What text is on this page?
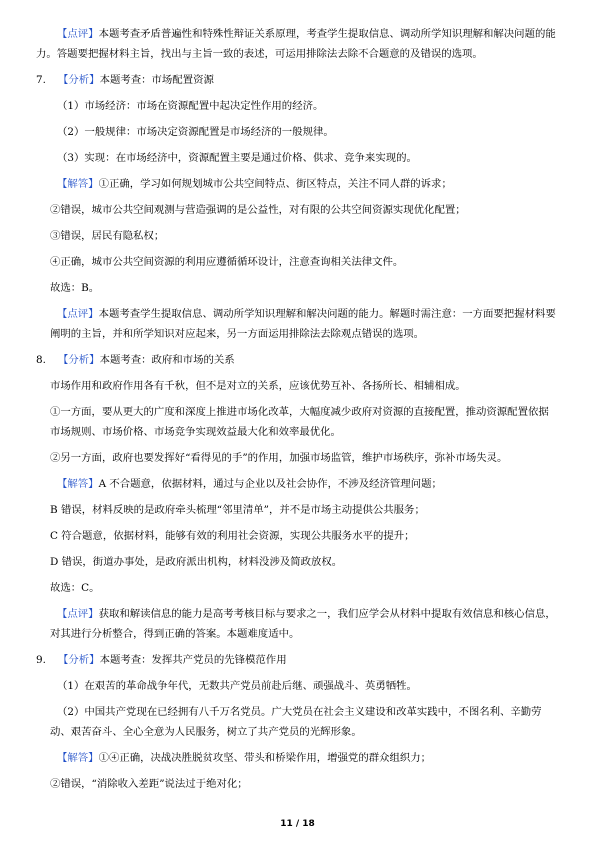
【点评】本题考查矛盾普遍性和特殊性辩证关系原理，考查学生提取信息、调动所学知识理解和解决问题的能
力。答题要把握材料主旨，找出与主旨一致的表述，可运用排除法去除不合题意的及错误的选项。
7. 【分析】本题考查：市场配置资源
（1）市场经济：市场在资源配置中起决定性作用的经济。
（2）一般规律：市场决定资源配置是市场经济的一般规律。
（3）实现：在市场经济中，资源配置主要是通过价格、供求、竞争来实现的。
【解答】①正确，学习如何规划城市公共空间特点、街区特点，关注不同人群的诉求；
②错误，城市公共空间观测与营造强调的是公益性，对有限的公共空间资源实现优化配置；
③错误，居民有隐私权；
④正确，城市公共空间资源的利用应遵循循环设计，注意查询相关法律文件。
故选：B。
【点评】本题考查学生提取信息、调动所学知识理解和解决问题的能力。解题时需注意：一方面要把握材料要
阐明的主旨，并和所学知识对应起来，另一方面运用排除法去除观点错误的选项。
8. 【分析】本题考查：政府和市场的关系
市场作用和政府作用各有千秋，但不是对立的关系，应该优势互补、各扬所长、相辅相成。
①一方面，要从更大的广度和深度上推进市场化改革，大幅度减少政府对资源的直接配置，推动资源配置依据
市场规则、市场价格、市场竞争实现效益最大化和效率最优化。
②另一方面，政府也要发挥好“看得见的手”的作用，加强市场监管，维护市场秩序，弥补市场失灵。
【解答】A 不合题意，依据材料，通过与企业以及社会协作，不涉及经济管理问题；
B 错误，材料反映的是政府牵头梳理“邻里清单”，并不是市场主动提供公共服务；
C 符合题意，依据材料，能够有效的利用社会资源，实现公共服务水平的提升；
D 错误，街道办事处，是政府派出机构，材料没涉及简政放权。
故选：C。
【点评】获取和解读信息的能力是高考考核目标与要求之一，我们应学会从材料中提取有效信息和核心信息，
对其进行分析整合，得到正确的答案。本题难度适中。
9. 【分析】本题考查：发挥共产党员的先锋模范作用
（1）在艰苦的革命战争年代，无数共产党员前赴后继、顽强战斗、英勇牺牲。
（2）中国共产党现在已经拥有八千万名党员。广大党员在社会主义建设和改革实践中，不图名利、辛勤劳
动、艰苦奋斗、全心全意为人民服务，树立了共产党员的光辉形象。
【解答】①④正确，决战决胜脱贫攻坚、带头和桥梁作用，增强党的群众组织力；
②错误，“消除收入差距”说法过于绝对化；
11 / 18
